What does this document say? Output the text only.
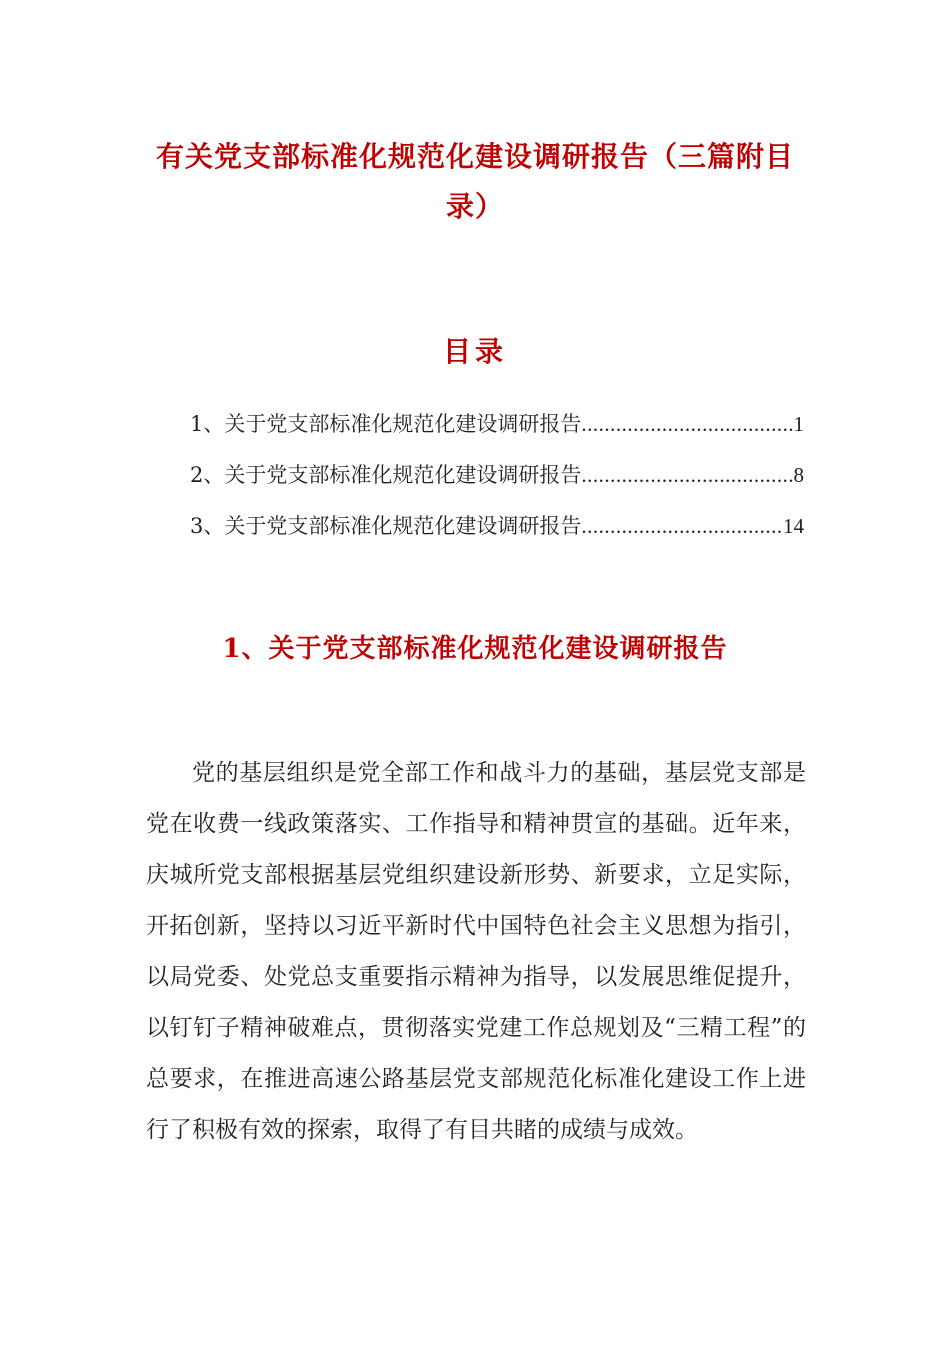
有关党支部标准化规范化建设调研报告（三篇附目录）
目录
1、关于党支部标准化规范化建设调研报告 .....	1
2、关于党支部标准化规范化建设调研报告 .....	8
3、关于党支部标准化规范化建设调研报告 .....	14
1、关于党支部标准化规范化建设调研报告

党的基层组织是党全部工作和战斗力的基础，基层党支部是党在收费一线政策落实、工作指导和精神贯宣的基础。近年来，庆城所党支部根据基层党组织建设新形势、新要求，立足实际，开拓创新，坚持以习近平新时代中国特色社会主义思想为指引，以局党委、处党总支重要指示精神为指导，以发展思维促提升，以钉钉子精神破难点，贯彻落实党建工作总规划及“三精工程”的总要求，在推进高速公路基层党支部规范化标准化建设工作上进行了积极有效的探索，取得了有目共睹的成绩与成效。
